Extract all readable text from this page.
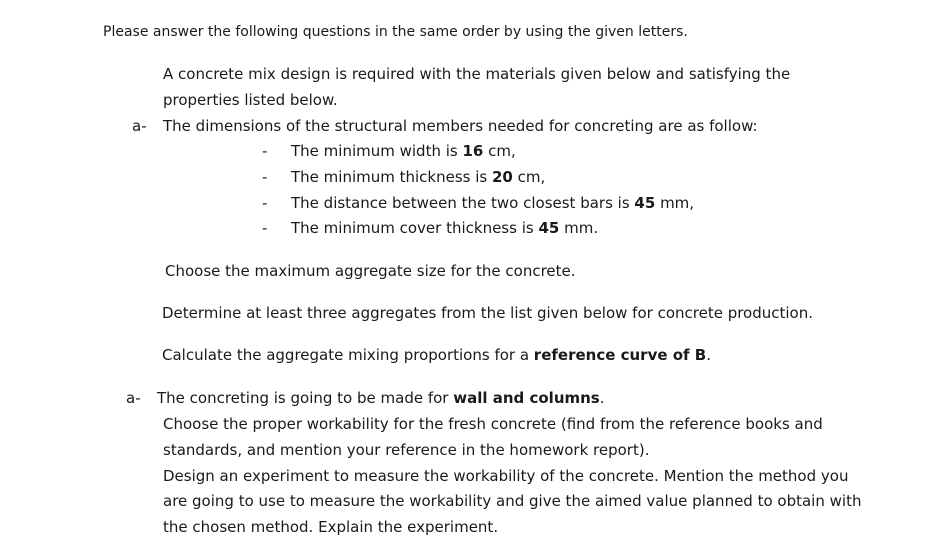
Please answer the following questions in the same order by using the given letters.
A concrete mix design is required with the materials given below and satisfying the
properties listed below.
a- The dimensions of the structural members needed for concreting are as follow:
- The minimum width is 16 cm,
- The minimum thickness is 20 cm,
- The distance between the two closest bars is 45 mm,
- The minimum cover thickness is 45 mm.
Choose the maximum aggregate size for the concrete.
Determine at least three aggregates from the list given below for concrete production.
Calculate the aggregate mixing proportions for a reference curve of B.
a- The concreting is going to be made for wall and columns.
Choose the proper workability for the fresh concrete (find from the reference books and
standards, and mention your reference in the homework report).
Design an experiment to measure the workability of the concrete. Mention the method you
are going to use to measure the workability and give the aimed value planned to obtain with
the chosen method. Explain the experiment.
